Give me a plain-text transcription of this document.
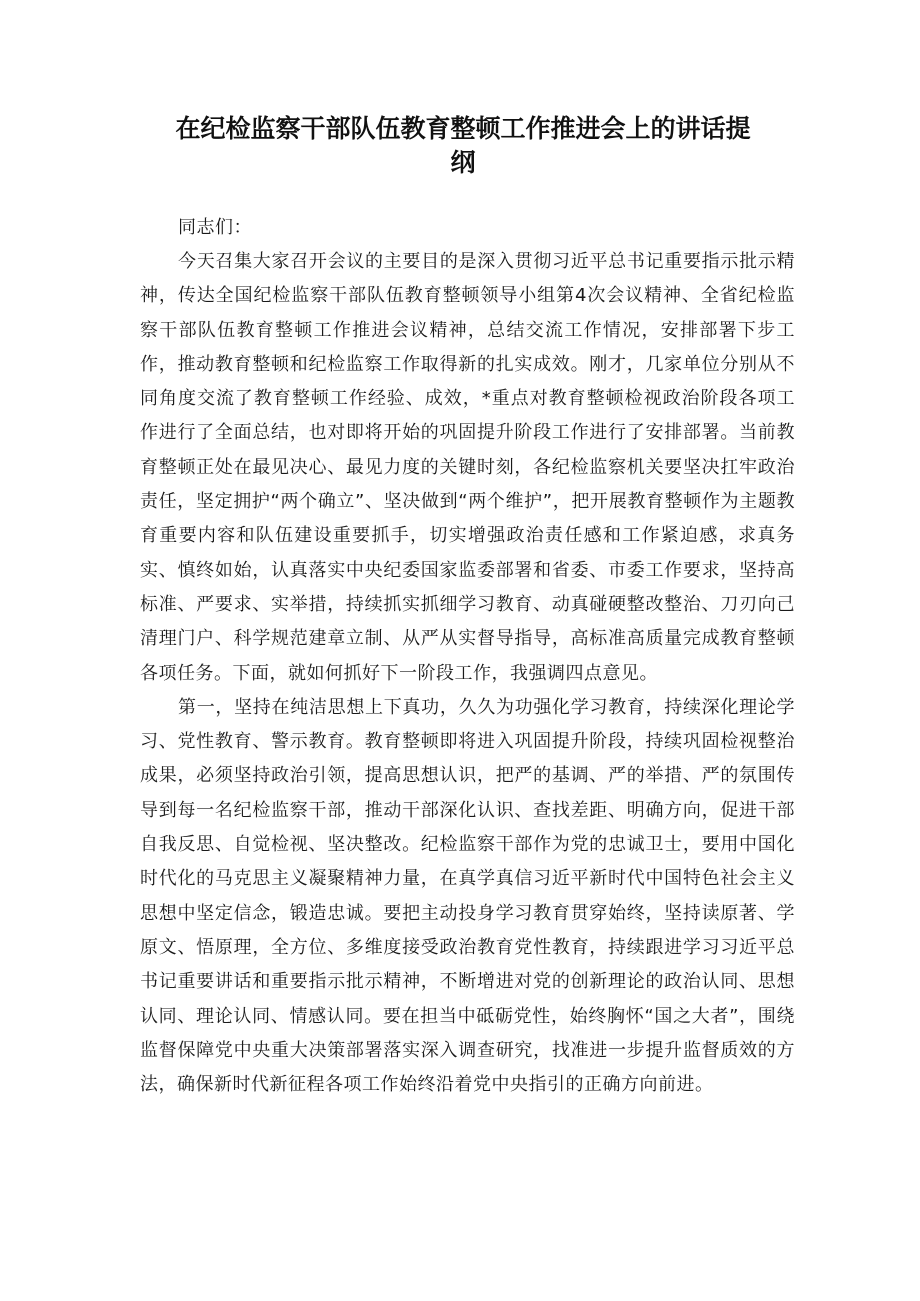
在纪检监察干部队伍教育整顿工作推进会上的讲话提纲

同志们：

今天召集大家召开会议的主要目的是深入贯彻习近平总书记重要指示批示精神，传达全国纪检监察干部队伍教育整顿领导小组第4次会议精神、全省纪检监察干部队伍教育整顿工作推进会议精神，总结交流工作情况，安排部署下步工作，推动教育整顿和纪检监察工作取得新的扎实成效。刚才，几家单位分别从不同角度交流了教育整顿工作经验、成效，*重点对教育整顿检视政治阶段各项工作进行了全面总结，也对即将开始的巩固提升阶段工作进行了安排部署。当前教育整顿正处在最见决心、最见力度的关键时刻，各纪检监察机关要坚决扛牢政治责任，坚定拥护“两个确立”、坚决做到“两个维护”，把开展教育整顿作为主题教育重要内容和队伍建设重要抓手，切实增强政治责任感和工作紧迫感，求真务实、慎终如始，认真落实中央纪委国家监委部署和省委、市委工作要求，坚持高标准、严要求、实举措，持续抓实抓细学习教育、动真碰硬整改整治、刀刃向己清理门户、科学规范建章立制、从严从实督导指导，高标准高质量完成教育整顿各项任务。下面，就如何抓好下一阶段工作，我强调四点意见。

第一，坚持在纯洁思想上下真功，久久为功强化学习教育，持续深化理论学习、党性教育、警示教育。教育整顿即将进入巩固提升阶段，持续巩固检视整治成果，必须坚持政治引领，提高思想认识，把严的基调、严的举措、严的氛围传导到每一名纪检监察干部，推动干部深化认识、查找差距、明确方向，促进干部自我反思、自觉检视、坚决整改。纪检监察干部作为党的忠诚卫士，要用中国化时代化的马克思主义凝聚精神力量，在真学真信习近平新时代中国特色社会主义思想中坚定信念，锻造忠诚。要把主动投身学习教育贯穿始终，坚持读原著、学原文、悟原理，全方位、多维度接受政治教育党性教育，持续跟进学习习近平总书记重要讲话和重要指示批示精神，不断增进对党的创新理论的政治认同、思想认同、理论认同、情感认同。要在担当中砥砺党性，始终胸怀“国之大者”，围绕监督保障党中央重大决策部署落实深入调查研究，找准进一步提升监督质效的方法，确保新时代新征程各项工作始终沿着党中央指引的正确方向前进。
